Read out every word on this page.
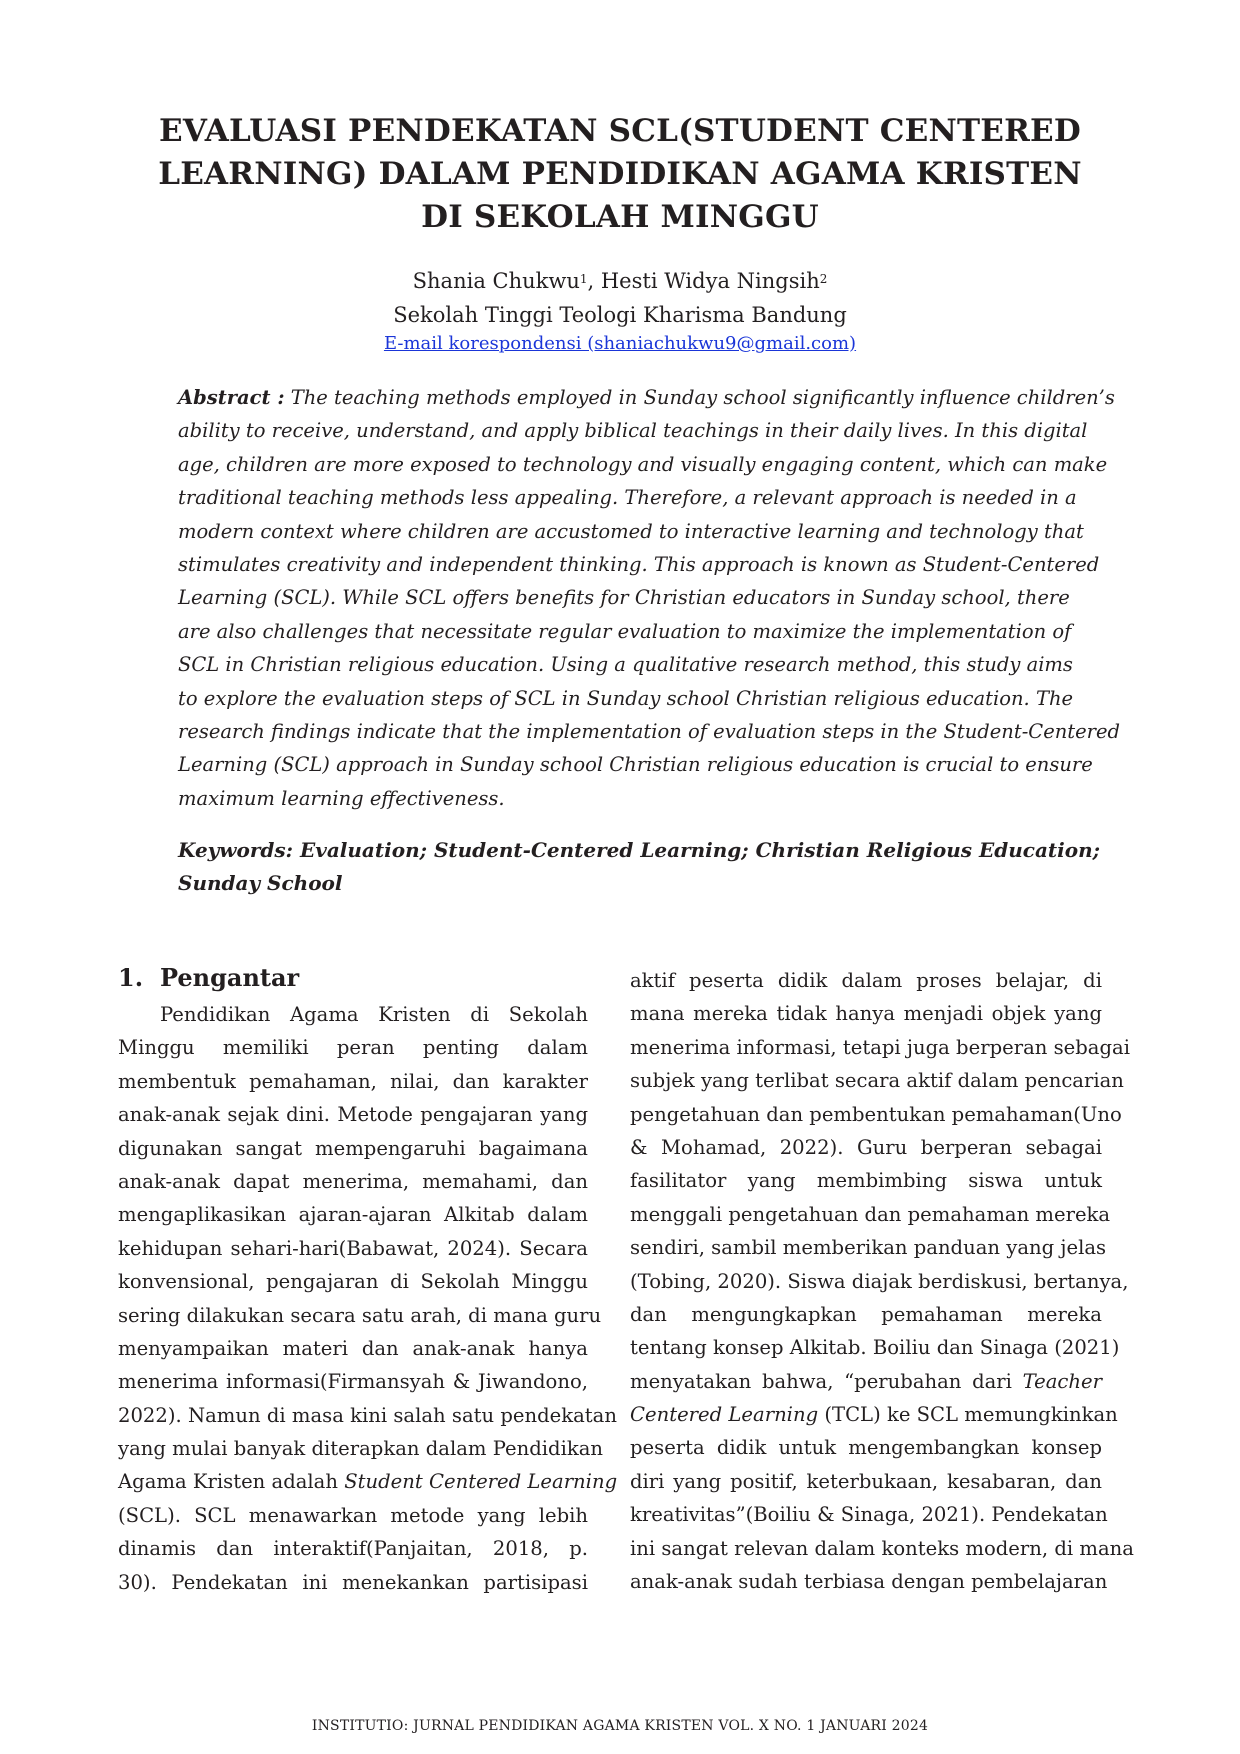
EVALUASI PENDEKATAN SCL(STUDENT CENTERED
LEARNING) DALAM PENDIDIKAN AGAMA KRISTEN
DI SEKOLAH MINGGU
Shania Chukwu$^1$, Hesti Widya Ningsih$^2$
Sekolah Tinggi Teologi Kharisma Bandung
E-mail korespondensi (shaniachukwu9@gmail.com)
Abstract : The teaching methods employed in Sunday school significantly influence children’s
ability to receive, understand, and apply biblical teachings in their daily lives. In this digital
age, children are more exposed to technology and visually engaging content, which can make
traditional teaching methods less appealing. Therefore, a relevant approach is needed in a
modern context where children are accustomed to interactive learning and technology that
stimulates creativity and independent thinking. This approach is known as Student-Centered
Learning (SCL). While SCL offers benefits for Christian educators in Sunday school, there
are also challenges that necessitate regular evaluation to maximize the implementation of
SCL in Christian religious education. Using a qualitative research method, this study aims
to explore the evaluation steps of SCL in Sunday school Christian religious education. The
research findings indicate that the implementation of evaluation steps in the Student-Centered
Learning (SCL) approach in Sunday school Christian religious education is crucial to ensure
maximum learning effectiveness.
Keywords: Evaluation; Student-Centered Learning; Christian Religious Education;
Sunday School
1. Pengantar
Pendidikan Agama Kristen di Sekolah
Minggu memiliki peran penting dalam
membentuk pemahaman, nilai, dan karakter
anak-anak sejak dini. Metode pengajaran yang
digunakan sangat mempengaruhi bagaimana
anak-anak dapat menerima, memahami, dan
mengaplikasikan ajaran-ajaran Alkitab dalam
kehidupan sehari-hari(Babawat, 2024). Secara
konvensional, pengajaran di Sekolah Minggu
sering dilakukan secara satu arah, di mana guru
menyampaikan materi dan anak-anak hanya
menerima informasi(Firmansyah & Jiwandono,
2022). Namun di masa kini salah satu pendekatan
yang mulai banyak diterapkan dalam Pendidikan
Agama Kristen adalah Student Centered Learning
(SCL). SCL menawarkan metode yang lebih
dinamis dan interaktif(Panjaitan, 2018, p.
30). Pendekatan ini menekankan partisipasi
aktif peserta didik dalam proses belajar, di
mana mereka tidak hanya menjadi objek yang
menerima informasi, tetapi juga berperan sebagai
subjek yang terlibat secara aktif dalam pencarian
pengetahuan dan pembentukan pemahaman(Uno
& Mohamad, 2022). Guru berperan sebagai
fasilitator yang membimbing siswa untuk
menggali pengetahuan dan pemahaman mereka
sendiri, sambil memberikan panduan yang jelas
(Tobing, 2020). Siswa diajak berdiskusi, bertanya,
dan mengungkapkan pemahaman mereka
tentang konsep Alkitab. Boiliu dan Sinaga (2021)
menyatakan bahwa, “perubahan dari Teacher
Centered Learning (TCL) ke SCL memungkinkan
peserta didik untuk mengembangkan konsep
diri yang positif, keterbukaan, kesabaran, dan
kreativitas”(Boiliu & Sinaga, 2021). Pendekatan
ini sangat relevan dalam konteks modern, di mana
anak-anak sudah terbiasa dengan pembelajaran
INSTITUTIO: JURNAL PENDIDIKAN AGAMA KRISTEN VOL. X NO. 1 JANUARI 2024
